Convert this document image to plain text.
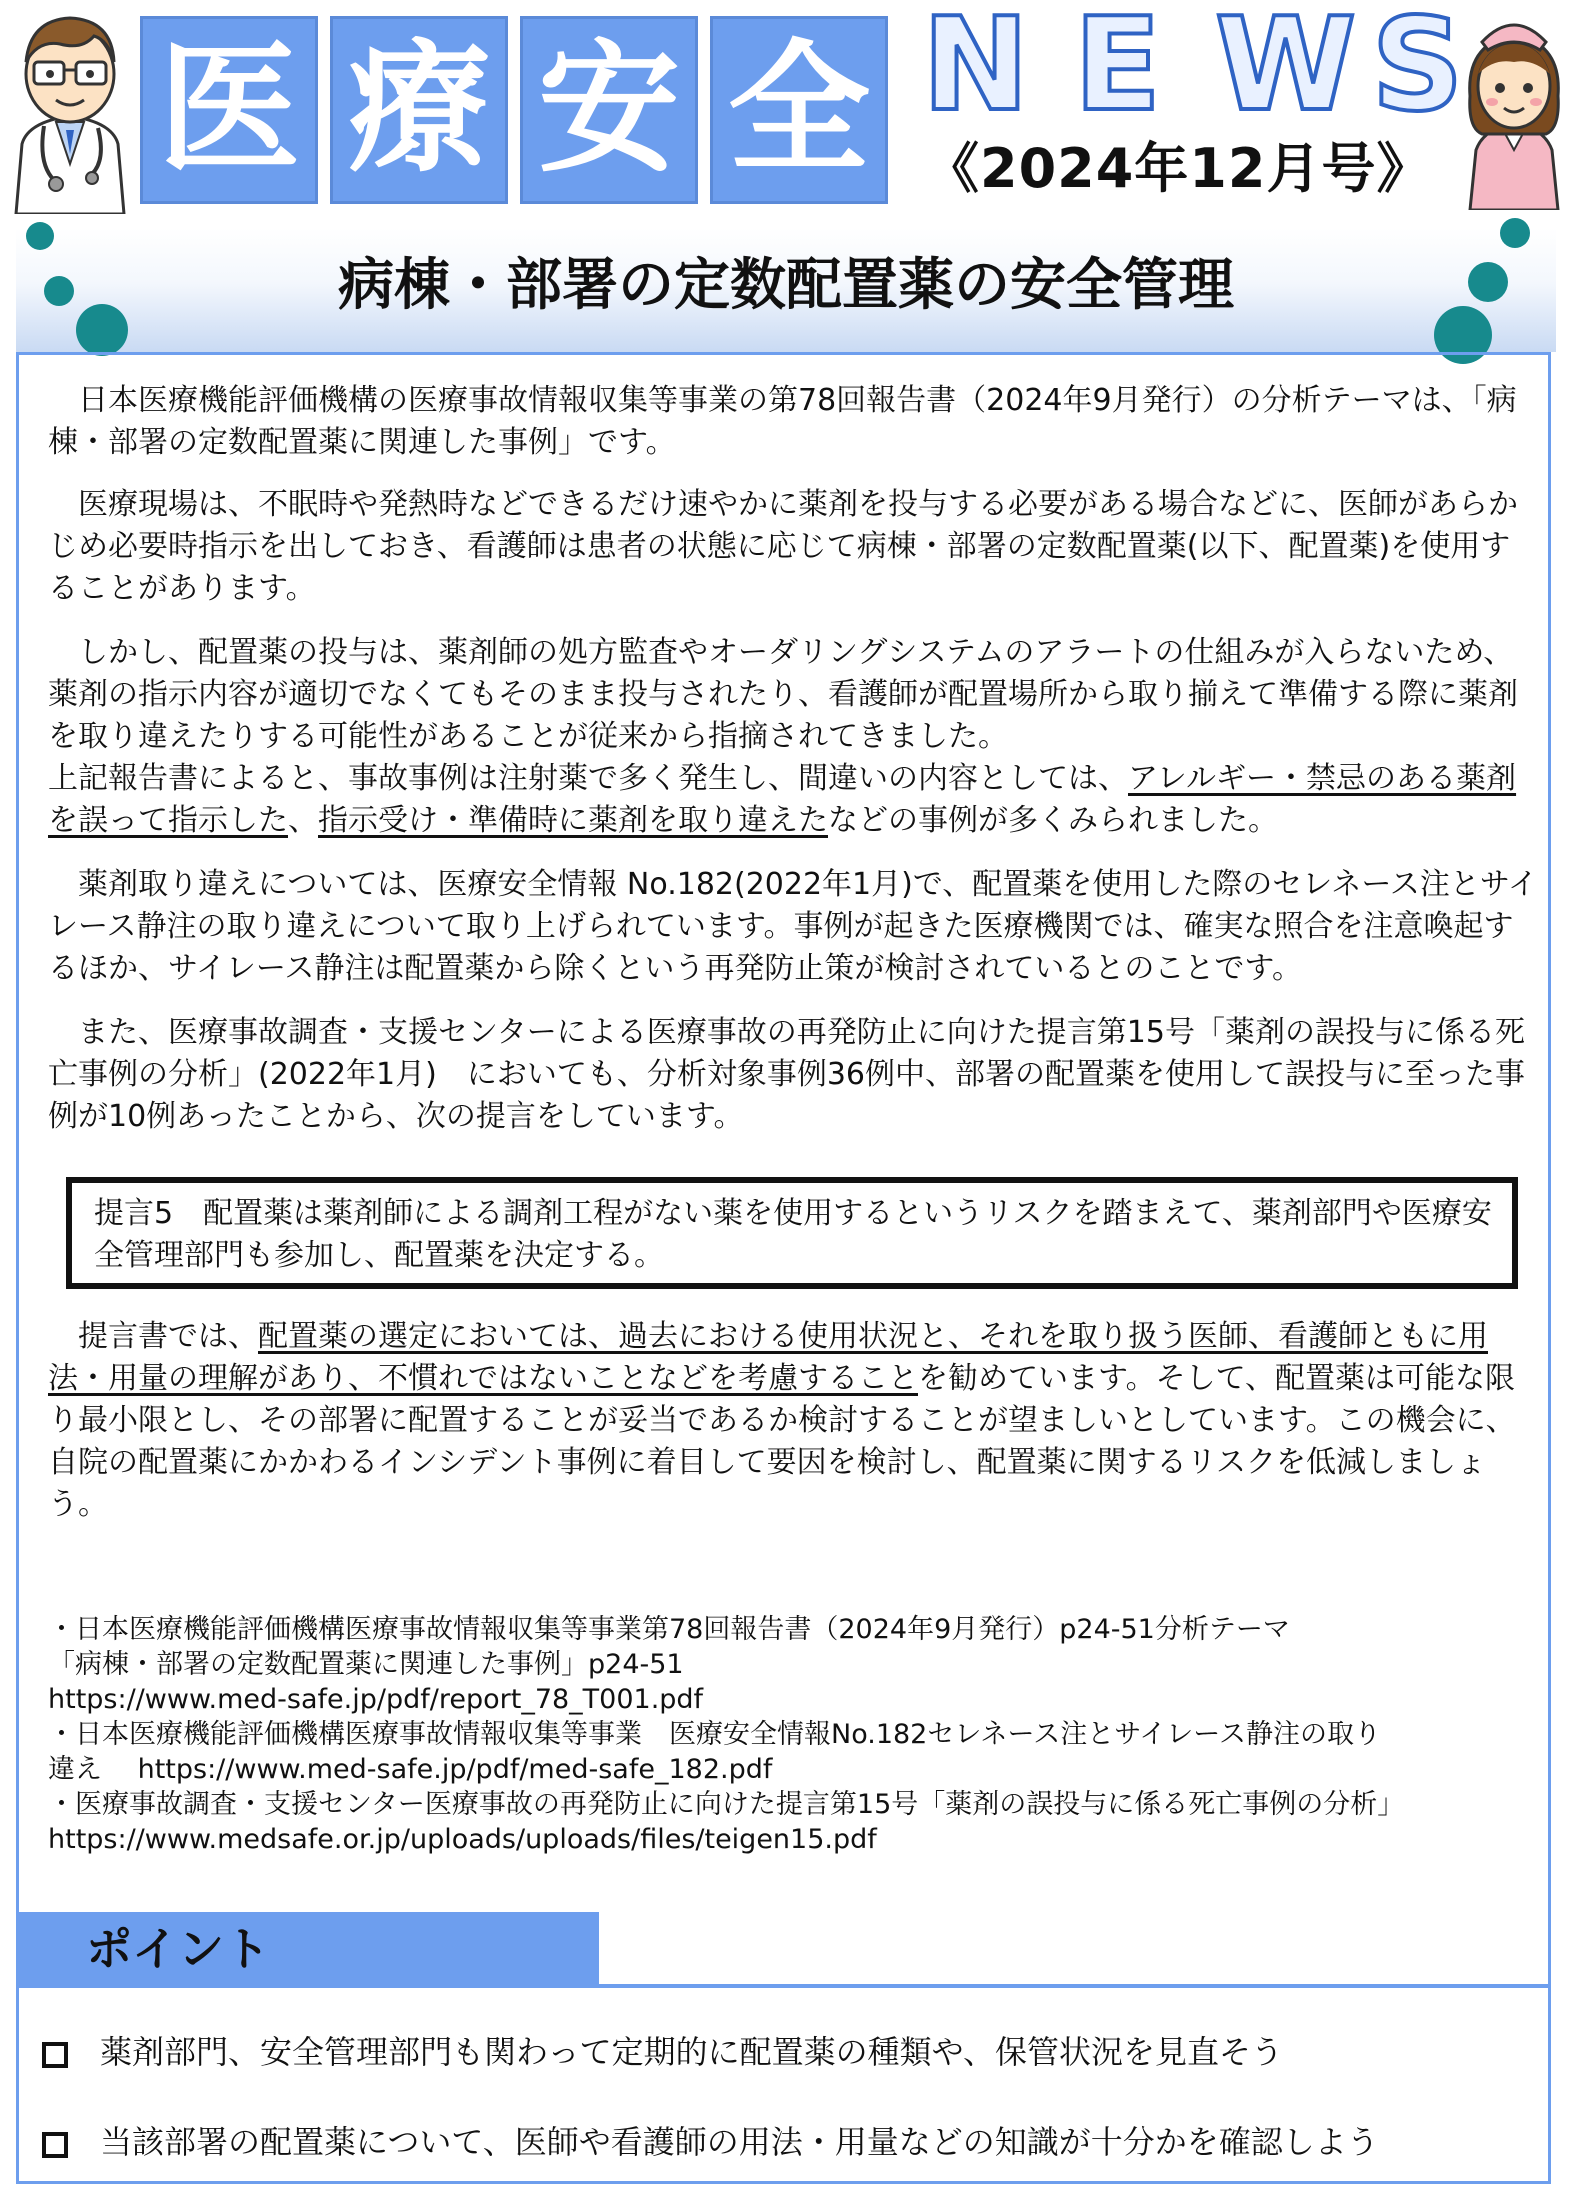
医 療 安 全 N E W S
《2024年12月号》
病棟・部署の定数配置薬の安全管理

日本医療機能評価機構の医療事故情報収集等事業の第78回報告書（2024年9月発行）の分析テーマは、「病棟・部署の定数配置薬に関連した事例」です。

医療現場は、不眠時や発熱時などできるだけ速やかに薬剤を投与する必要がある場合などに、医師があらかじめ必要時指示を出しておき、看護師は患者の状態に応じて病棟・部署の定数配置薬(以下、配置薬)を使用することがあります。

しかし、配置薬の投与は、薬剤師の処方監査やオーダリングシステムのアラートの仕組みが入らないため、薬剤の指示内容が適切でなくてもそのまま投与されたり、看護師が配置場所から取り揃えて準備する際に薬剤を取り違えたりする可能性があることが従来から指摘されてきました。
上記報告書によると、事故事例は注射薬で多く発生し、間違いの内容としては、アレルギー・禁忌のある薬剤を誤って指示した、指示受け・準備時に薬剤を取り違えたなどの事例が多くみられました。

薬剤取り違えについては、医療安全情報 No.182(2022年1月)で、配置薬を使用した際のセレネース注とサイレース静注の取り違えについて取り上げられています。事例が起きた医療機関では、確実な照合を注意喚起するほか、サイレース静注は配置薬から除くという再発防止策が検討されているとのことです。

また、医療事故調査・支援センターによる医療事故の再発防止に向けた提言第15号「薬剤の誤投与に係る死亡事例の分析」(2022年1月)　においても、分析対象事例36例中、部署の配置薬を使用して誤投与に至った事例が10例あったことから、次の提言をしています。

提言5　配置薬は薬剤師による調剤工程がない薬を使用するというリスクを踏まえて、薬剤部門や医療安全管理部門も参加し、配置薬を決定する。
提言書では、配置薬の選定においては、過去における使用状況と、それを取り扱う医師、看護師ともに用法・用量の理解があり、不慣れではないことなどを考慮することを勧めています。そして、配置薬は可能な限り最小限とし、その部署に配置することが妥当であるか検討することが望ましいとしています。この機会に、自院の配置薬にかかわるインシデント事例に着目して要因を検討し、配置薬に関するリスクを低減しましょう。
・日本医療機能評価機構医療事故情報収集等事業第78回報告書（2024年9月発行）p24-51分析テーマ
「病棟・部署の定数配置薬に関連した事例」p24-51
https://www.med-safe.jp/pdf/report_78_T001.pdf
・日本医療機能評価機構医療事故情報収集等事業　医療安全情報No.182セレネース注とサイレース静注の取り
違え　 https://www.med-safe.jp/pdf/med-safe_182.pdf
・医療事故調査・支援センター医療事故の再発防止に向けた提言第15号「薬剤の誤投与に係る死亡事例の分析」
https://www.medsafe.or.jp/uploads/uploads/files/teigen15.pdf
ポイント
薬剤部門、安全管理部門も関わって定期的に配置薬の種類や、保管状況を見直そう
当該部署の配置薬について、医師や看護師の用法・用量などの知識が十分かを確認しよう
